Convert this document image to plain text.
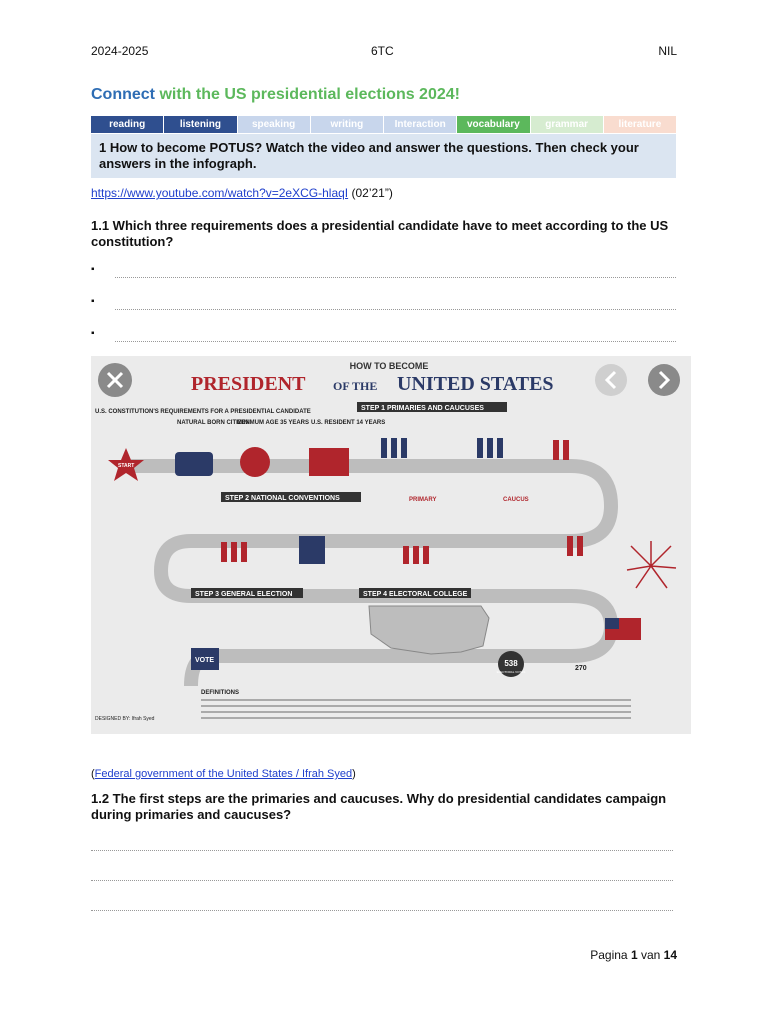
2024-2025	6TC	NIL
Connect with the US presidential elections 2024!
reading	listening	speaking	writing	Interaction	vocabulary	grammar	literature
1 How to become POTUS? Watch the video and answer the questions. Then check your answers in the infograph.
https://www.youtube.com/watch?v=2eXCG-hlaqI (02’21”)
1.1 Which three requirements does a presidential candidate have to meet according to the US constitution?
▪
▪
▪
HOW TO BECOME
PRESIDENT OF THE UNITED STATES
U.S. CONSTITUTION'S REQUIREMENTS FOR A PRESIDENTIAL CANDIDATE
NATURAL BORN CITIZEN
MINIMUM AGE 35 YEARS U.S. RESIDENT 14 YEARS
START
STEP 1 PRIMARIES AND CAUCUSES
STEP 2 NATIONAL CONVENTIONS
STEP 3 GENERAL ELECTION	STEP 4 ELECTORAL COLLEGE
PRIMARY	CAUCUS
VOTE	538
ELECTORAL VOTES	270
DEFINITIONS
DESIGNED BY: Ifrah Syed
(Federal government of the United States / Ifrah Syed)
1.2 The first steps are the primaries and caucuses. Why do presidential candidates campaign during primaries and caucuses?
Pagina 1 van 14
